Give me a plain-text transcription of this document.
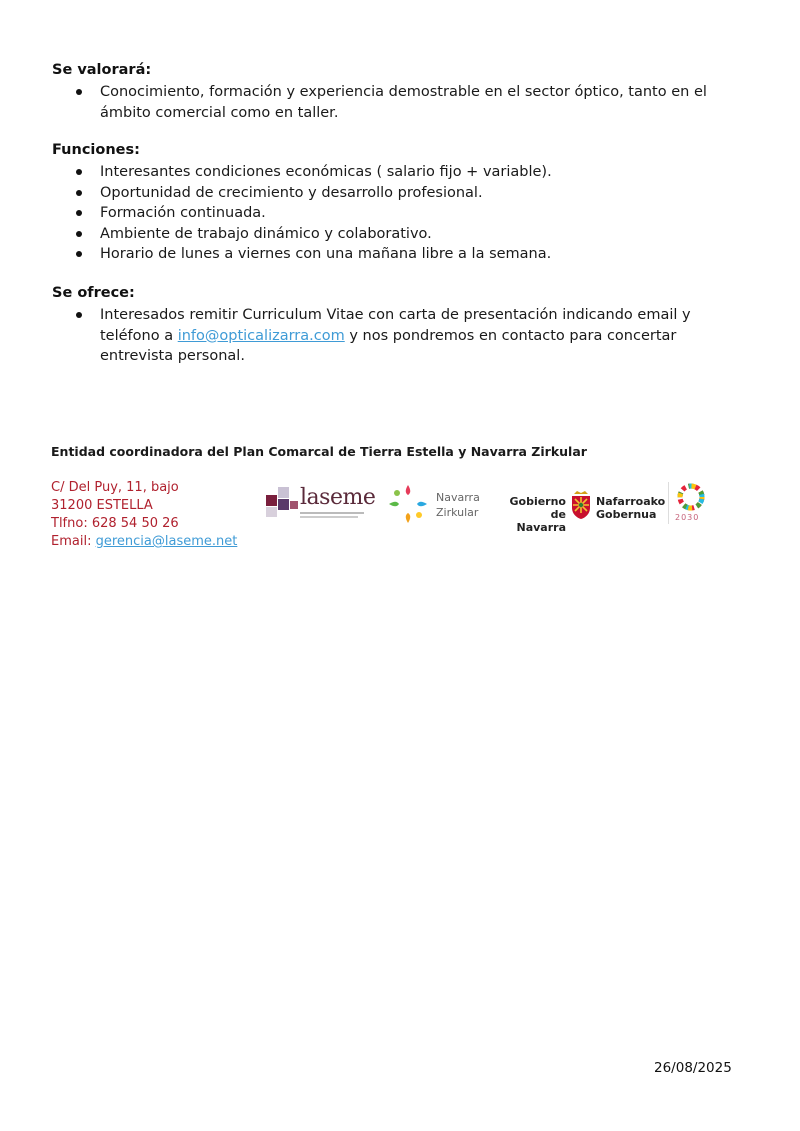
Se valorará:
Conocimiento, formación y experiencia demostrable en el sector óptico, tanto en el ámbito comercial como en taller.
Funciones:
Interesantes condiciones económicas ( salario fijo + variable).
Oportunidad de crecimiento y desarrollo profesional.
Formación continuada.
Ambiente de trabajo dinámico y colaborativo.
Horario de lunes a viernes con una mañana libre a la semana.
Se ofrece:
Interesados remitir Curriculum Vitae con carta de presentación indicando email y teléfono a info@opticalizarra.com y nos pondremos en contacto para concertar entrevista personal.
Entidad coordinadora del Plan Comarcal de Tierra Estella y Navarra Zirkular
C/ Del Puy, 11, bajo
31200 ESTELLA
Tlfno: 628 54 50 26
Email: gerencia@laseme.net
laseme	Navarra
Zirkular
Gobierno
de Navarra
Nafarroako
Gobernua	2030
26/08/2025
